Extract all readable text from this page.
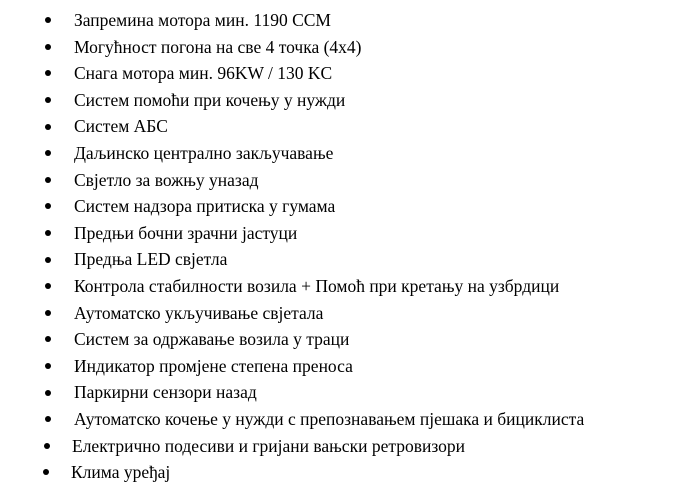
Запремина мотора мин. 1190 CCM
Могућност погона на све 4 точка (4x4)
Снага мотора мин. 96KW / 130 KC
Систем помоћи при кочењу у нужди
Систем АБС
Даљинско централно закључавање
Свјетло за вожњу уназад
Систем надзора притиска у гумама
Предњи бочни зрачни јастуци
Предња LED свјетла
Контрола стабилности возила + Помоћ при кретању на узбрдици
Аутоматско укључивање свјетала
Систем за одржавање возила у траци
Индикатор промјене степена преноса
Паркирни сензори назад
Аутоматско кочење у нужди с препознавањем пјешака и бициклиста
Електрично подесиви и гријани вањски ретровизори
Клима уређај
